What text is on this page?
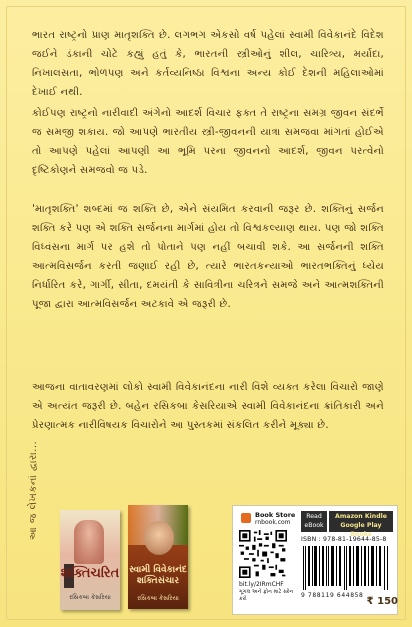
ભારત રાષ્ટ્રનો પ્રાણ માતૃશક્તિ છે. લગભગ એકસો વર્ષ પહેલાં સ્વામી વિવેકાનંદે વિદેશ જઈને ડંકાની ચોટે કહ્યું હતું કે, ભારતની સ્ત્રીઓનું શીલ, ચારિત્ર્ય, મર્યાદા, નિખાલસતા, ભોળપણ અને કર્તવ્યનિષ્ઠા વિશ્વના અન્ય કોઈ દેશની મહિલાઓમાં દેખાઈ નથી.
કોઈપણ રાષ્ટ્રનો નારીવાદી અંગેનો આદર્શ વિચાર ફક્ત તે રાષ્ટ્રના સમગ્ર જીવન સંદર્ભે જ સમજી શકાય. જો આપણે ભારતીય સ્ત્રી-જીવનની યાત્રા સમજવા માંગતાં હોઈએ તો આપણે પહેલાં આપણી આ ભૂમિ પરના જીવનનો આદર્શ, જીવન પરત્વેનો દૃષ્ટિકોણને સમજવો જ પડે.
'માતૃશક્તિ' શબ્દમાં જ શક્તિ છે, એને સંયમિત કરવાની જરૂર છે. શક્તિનું સર્જન શક્તિ કરે પણ એ શક્તિ સર્જનના માર્ગમાં હોય તો વિશ્વકલ્યાણ થાય. પણ જો શક્તિ વિધ્વંસના માર્ગ પર હશે તો પોતાને પણ નહીં બચાવી શકે. આ સર્જનની શક્તિ આત્મવિસર્જન કરતી જણાઈ રહી છે, ત્યારે ભારતકન્યાઓ ભારતભક્તિનું ધ્યેય નિર્ધારિત કરે, ગાર્ગી, સીતા, દમયંતી કે સાવિત્રીના ચરિત્રને સમજે અને આત્મશક્તિની પૂજા દ્વારા આત્મવિસર્જન અટકાવે એ જરૂરી છે.
આજના વાતાવરણમાં લોકો સ્વામી વિવેકાનંદના નારી વિશે વ્યક્ત કરેલા વિચારો જાણે એ અત્યંત જરૂરી છે. બહેન રસિકબા કેસરિયાએ સ્વામી વિવેકાનંદના ક્રાંતિકારી અને પ્રેરણાત્મક નારીવિષયક વિચારોને આ પુસ્તકમાં સંકલિત કરીને મૂક્યા છે.
આ જ લેખકનાં દ્વારા...
શક્તિચરિત
રસિકબા કેસરિયા
સ્વામી વિવેકાનંદ શક્તિસંચાર
રસિકબા કેસરિયા
Book Store
rnbook.com
bit.ly/2IRmCHF
ગૂગલ અને ફોન માટે સ્કેન કરો
Read
eBook
Amazon Kindle
Google Play Books
ISBN : 978-81-19644-85-8
9 788119 644858
₹ 150
